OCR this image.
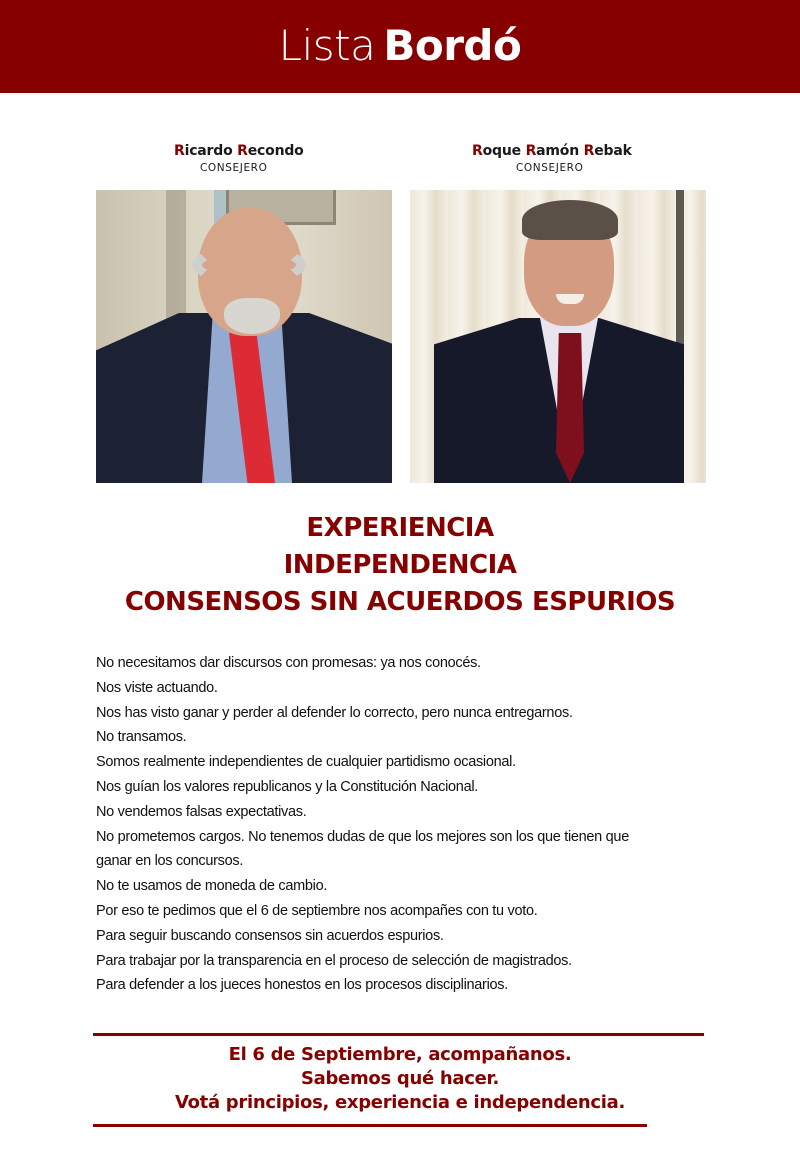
Lista Bordó
Ricardo Recondo
CONSEJERO
Roque Ramón Rebak
CONSEJERO
EXPERIENCIA
INDEPENDENCIA
CONSENSOS SIN ACUERDOS ESPURIOS
No necesitamos dar discursos con promesas: ya nos conocés.
Nos viste actuando.
Nos has visto ganar y perder al defender lo correcto, pero nunca entregarnos.
No transamos.
Somos realmente independientes de cualquier partidismo ocasional.
Nos guían los valores republicanos y la Constitución Nacional.
No vendemos falsas expectativas.
No prometemos cargos. No tenemos dudas de que los mejores son los que tienen que
ganar en los concursos.
No te usamos de moneda de cambio.
Por eso te pedimos que el 6 de septiembre nos acompañes con tu voto.
Para seguir buscando consensos sin acuerdos espurios.
Para trabajar por la transparencia en el proceso de selección de magistrados.
Para defender a los jueces honestos en los procesos disciplinarios.
El 6 de Septiembre, acompañanos.
Sabemos qué hacer.
Votá principios, experiencia e independencia.
